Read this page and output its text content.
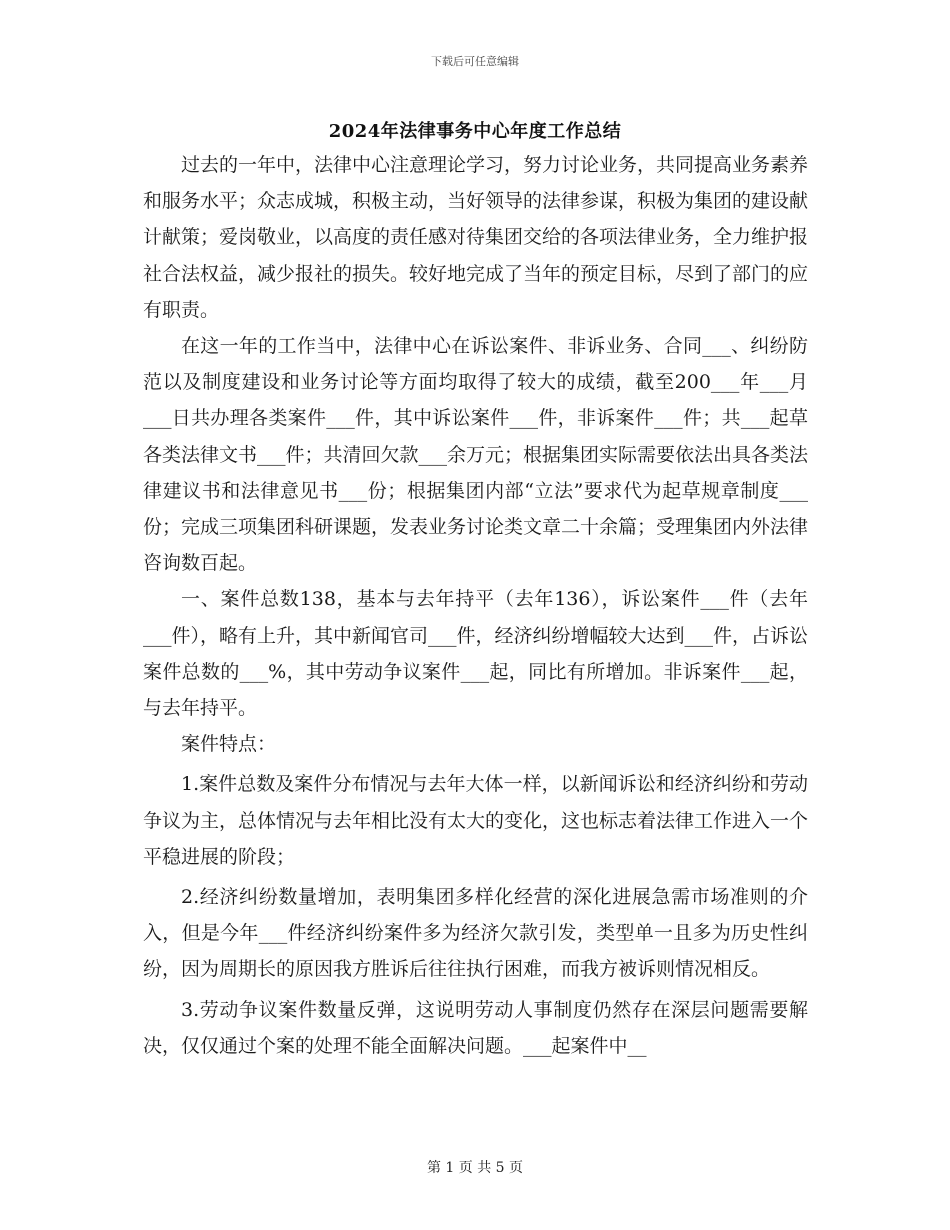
下载后可任意编辑
2024年法律事务中心年度工作总结

过去的一年中，法律中心注意理论学习，努力讨论业务，共同提高业务素养和服务水平；众志成城，积极主动，当好领导的法律参谋，积极为集团的建设献计献策；爱岗敬业，以高度的责任感对待集团交给的各项法律业务，全力维护报社合法权益，减少报社的损失。较好地完成了当年的预定目标，尽到了部门的应有职责。

在这一年的工作当中，法律中心在诉讼案件、非诉业务、合同___、纠纷防范以及制度建设和业务讨论等方面均取得了较大的成绩，截至200___年___月___日共办理各类案件___件，其中诉讼案件___件，非诉案件___件；共___起草各类法律文书___件；共清回欠款___余万元；根据集团实际需要依法出具各类法律建议书和法律意见书___份；根据集团内部“立法”要求代为起草规章制度___份；完成三项集团科研课题，发表业务讨论类文章二十余篇；受理集团内外法律咨询数百起。

一、案件总数138，基本与去年持平（去年136），诉讼案件___件（去年___件），略有上升，其中新闻官司___件，经济纠纷增幅较大达到___件，占诉讼案件总数的___%，其中劳动争议案件___起，同比有所增加。非诉案件___起，与去年持平。

案件特点：

1.案件总数及案件分布情况与去年大体一样，以新闻诉讼和经济纠纷和劳动争议为主，总体情况与去年相比没有太大的变化，这也标志着法律工作进入一个平稳进展的阶段；

2.经济纠纷数量增加，表明集团多样化经营的深化进展急需市场准则的介入，但是今年___件经济纠纷案件多为经济欠款引发，类型单一且多为历史性纠纷，因为周期长的原因我方胜诉后往往执行困难，而我方被诉则情况相反。

3.劳动争议案件数量反弹，这说明劳动人事制度仍然存在深层问题需要解决，仅仅通过个案的处理不能全面解决问题。___起案件中__

第 1 页 共 5 页
